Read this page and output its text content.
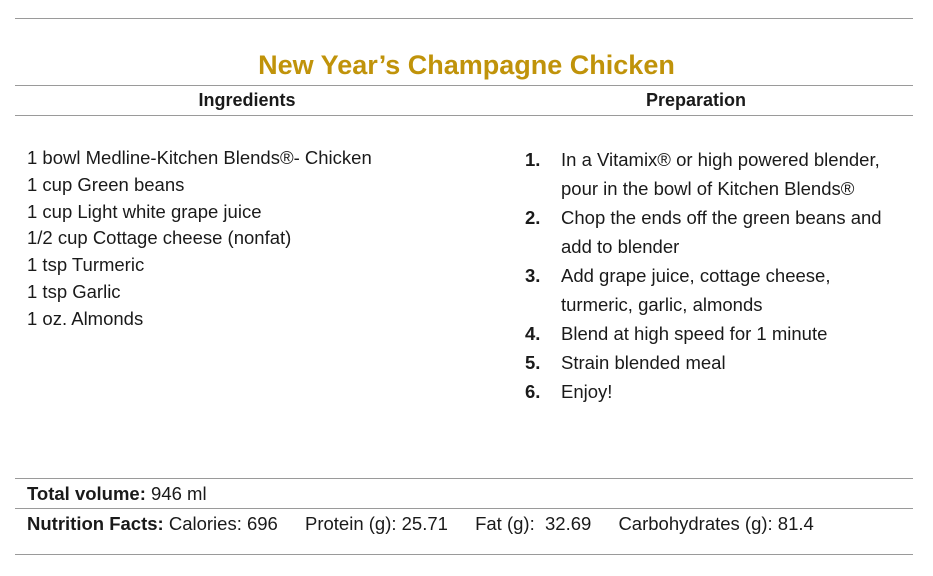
New Year’s Champagne Chicken
Ingredients	Preparation
1 bowl Medline-Kitchen Blends®- Chicken
1 cup Green beans
1 cup Light white grape juice
1/2 cup Cottage cheese (nonfat)
1 tsp Turmeric
1 tsp Garlic
1 oz. Almonds
1.	In a Vitamix® or high powered blender, pour in the bowl of Kitchen Blends®
2.	Chop the ends off the green beans and add to blender
3.	Add grape juice, cottage cheese, turmeric, garlic, almonds
4.	Blend at high speed for 1 minute
5.	Strain blended meal
6.	Enjoy!
Total volume: 946 ml
Nutrition Facts: Calories: 696 Protein (g): 25.71 Fat (g):  32.69 Carbohydrates (g): 81.4
